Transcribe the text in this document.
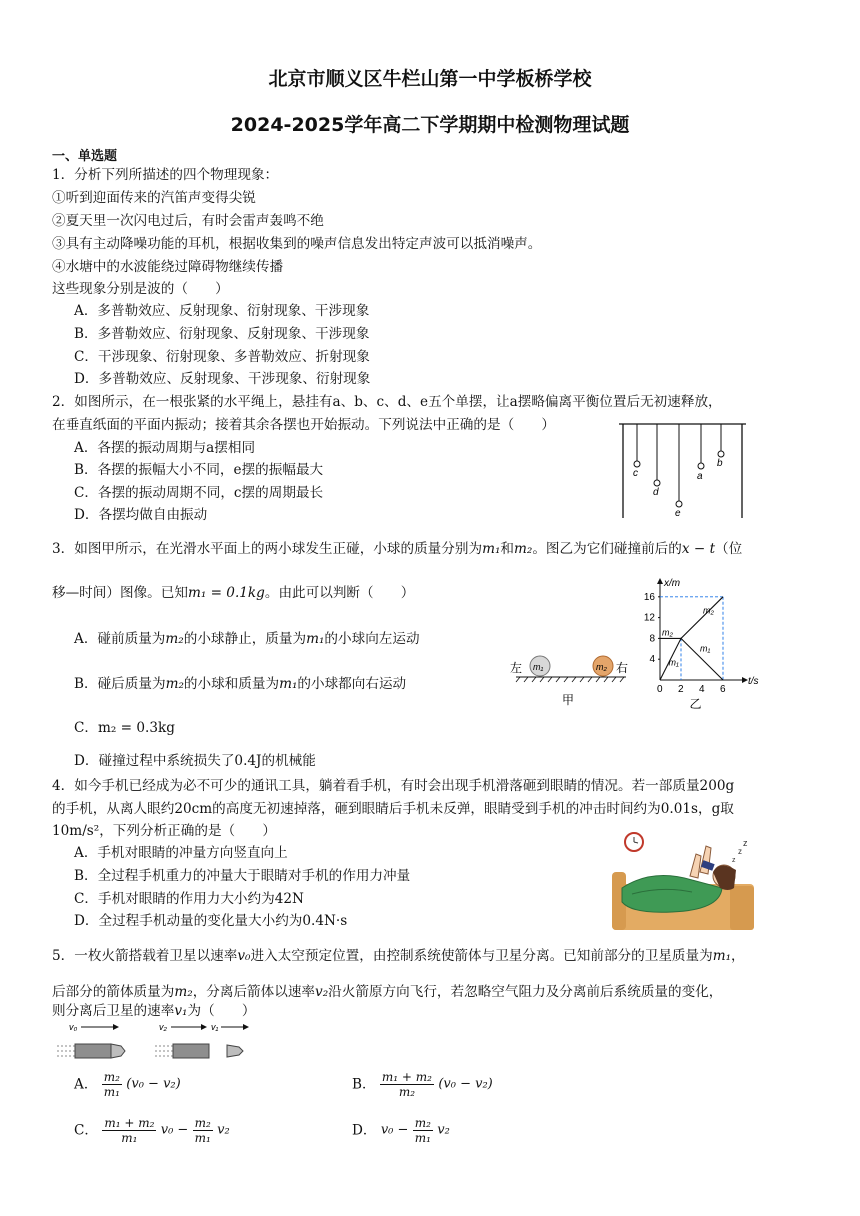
北京市顺义区牛栏山第一中学板桥学校
2024-2025学年高二下学期期中检测物理试题
一、单选题
1．分析下列所描述的四个物理现象：
①听到迎面传来的汽笛声变得尖锐
②夏天里一次闪电过后，有时会雷声轰鸣不绝
③具有主动降噪功能的耳机，根据收集到的噪声信息发出特定声波可以抵消噪声。
④水塘中的水波能绕过障碍物继续传播
这些现象分别是波的（　　）
A．多普勒效应、反射现象、衍射现象、干涉现象
B．多普勒效应、衍射现象、反射现象、干涉现象
C．干涉现象、衍射现象、多普勒效应、折射现象
D．多普勒效应、反射现象、干涉现象、衍射现象
2．如图所示，在一根张紧的水平绳上，悬挂有a、b、c、d、e五个单摆，让a摆略偏离平衡位置后无初速释放，
在垂直纸面的平面内振动；接着其余各摆也开始振动。下列说法中正确的是（　　）
A．各摆的振动周期与a摆相同
B．各摆的振幅大小不同，e摆的振幅最大
C．各摆的振动周期不同，c摆的周期最长
D．各摆均做自由振动
c
d
e
a
b
3．如图甲所示，在光滑水平面上的两小球发生正碰，小球的质量分别为m₁和m₂。图乙为它们碰撞前后的x − t（位
移—时间）图像。已知m₁ = 0.1kg。由此可以判断（　　）
A．碰前质量为m₂的小球静止，质量为m₁的小球向左运动
B．碰后质量为m₂的小球和质量为m₁的小球都向右运动
C．m₂ = 0.3kg
D．碰撞过程中系统损失了0.4J的机械能
左 m₁	m₂ 右
甲
x/m
t/s
0 2 4 6
4
8
12
16
m₂
m₂
m₁
m₁
乙
4．如今手机已经成为必不可少的通讯工具，躺着看手机，有时会出现手机滑落砸到眼睛的情况。若一部质量200g
的手机，从离人眼约20cm的高度无初速掉落，砸到眼睛后手机未反弹，眼睛受到手机的冲击时间约为0.01s，g取
10m/s²，下列分析正确的是（　　）
A．手机对眼睛的冲量方向竖直向上
B．全过程手机重力的冲量大于眼睛对手机的作用力冲量
C．手机对眼睛的作用力大小约为42N
D．全过程手机动量的变化量大小约为0.4N·s
z
z
z
5．一枚火箭搭载着卫星以速率v₀进入太空预定位置，由控制系统使箭体与卫星分离。已知前部分的卫星质量为m₁，
后部分的箭体质量为m₂，分离后箭体以速率v₂沿火箭原方向飞行，若忽略空气阻力及分离前后系统质量的变化，
则分离后卫星的速率v₁为（　　）
v₀	v₂	v₁
A． $\frac{\text{m₂}}{\text{m₁}} (v_0 - v_2)$	B． $\frac{\text{m₁ + m₂}}{\text{m₂}} (v_0 - v_2)$
C． $\frac{\text{m₁ + m₂}}{\text{m₁}} v_0 - \frac{\text{m₂}}{\text{m₁}} v_2$	D． $v_0 - \frac{\text{m₂}}{\text{m₁}} v_2$
